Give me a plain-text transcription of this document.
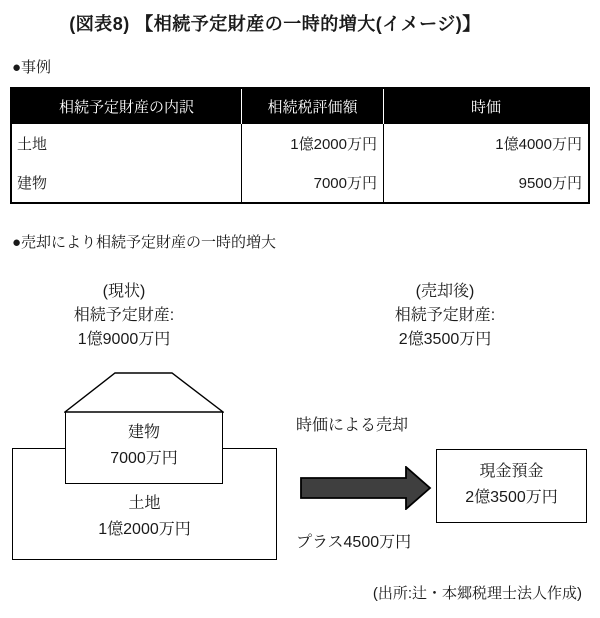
(図表8) 【相続予定財産の一時的増大(イメージ)】
●事例
相続予定財産の内訳	相続税評価額	時価
土地	1億2000万円	1億4000万円
建物	7000万円	9500万円
●売却により相続予定財産の一時的増大
(現状)
相続予定財産:
1億9000万円
(売却後)
相続予定財産:
2億3500万円
建物
7000万円
土地
1億2000万円
時価による売却
プラス4500万円
現金預金
2億3500万円
(出所:辻・本郷税理士法人作成)
